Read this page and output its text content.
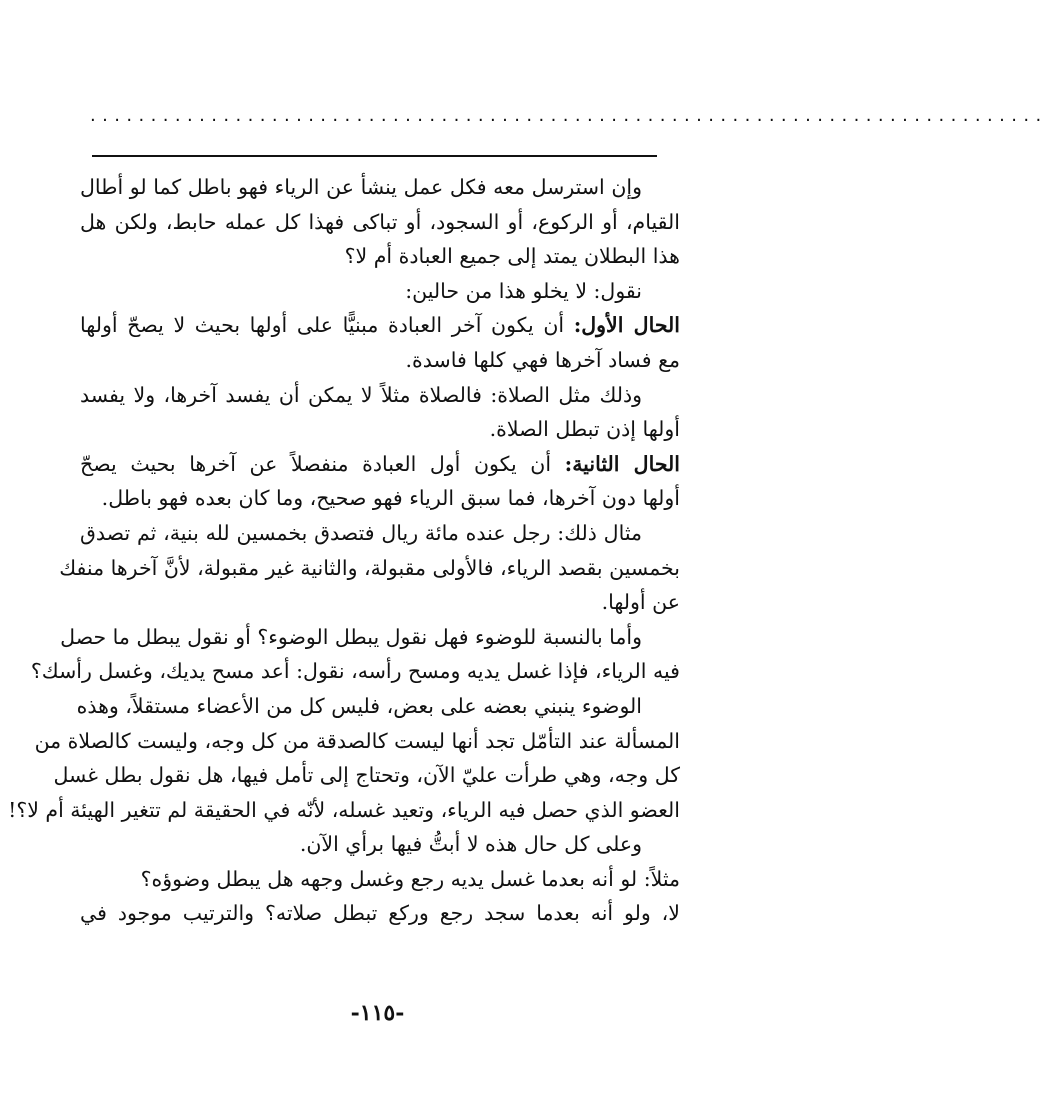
...............................................................................
وإن استرسل معه فكل عمل ينشأ عن الرياء فهو باطل كما لو أطال
القيام، أو الركوع، أو السجود، أو تباكى فهذا كل عمله حابط، ولكن هل
هذا البطلان يمتد إلى جميع العبادة أم لا؟
نقول: لا يخلو هذا من حالين:
الحال الأول: أن يكون آخر العبادة مبنيًّا على أولها بحيث لا يصحّ أولها
مع فساد آخرها فهي كلها فاسدة.
وذلك مثل الصلاة: فالصلاة مثلاً لا يمكن أن يفسد آخرها، ولا يفسد
أولها إذن تبطل الصلاة.
الحال الثانية: أن يكون أول العبادة منفصلاً عن آخرها بحيث يصحّ
أولها دون آخرها، فما سبق الرياء فهو صحيح، وما كان بعده فهو باطل.
مثال ذلك: رجل عنده مائة ريال فتصدق بخمسين لله بنية، ثم تصدق
بخمسين بقصد الرياء، فالأولى مقبولة، والثانية غير مقبولة، لأنَّ آخرها منفك
عن أولها.
وأما بالنسبة للوضوء فهل نقول يبطل الوضوء؟ أو نقول يبطل ما حصل
فيه الرياء، فإذا غسل يديه ومسح رأسه، نقول: أعد مسح يديك، وغسل رأسك؟
الوضوء ينبني بعضه على بعض، فليس كل من الأعضاء مستقلاً، وهذه
المسألة عند التأمّل تجد أنها ليست كالصدقة من كل وجه، وليست كالصلاة من
كل وجه، وهي طرأت عليّ الآن، وتحتاج إلى تأمل فيها، هل نقول بطل غسل
العضو الذي حصل فيه الرياء، وتعيد غسله، لأنّه في الحقيقة لم تتغير الهيئة أم لا؟!
وعلى كل حال هذه لا أبتُّ فيها برأي الآن.
مثلاً: لو أنه بعدما غسل يديه رجع وغسل وجهه هل يبطل وضوؤه؟
لا، ولو أنه بعدما سجد رجع وركع تبطل صلاته؟ والترتيب موجود في
-١١٥-
